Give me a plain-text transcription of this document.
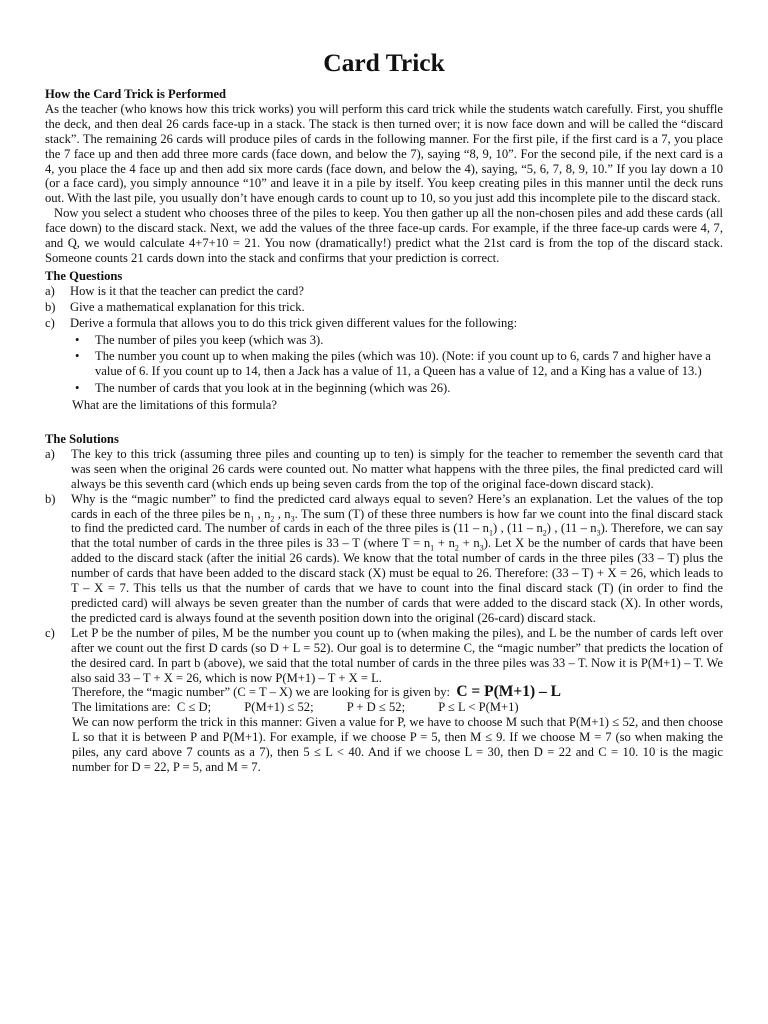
Card Trick
How the Card Trick is Performed

As the teacher (who knows how this trick works) you will perform this card trick while the students watch carefully. First, you shuffle the deck, and then deal 26 cards face-up in a stack. The stack is then turned over; it is now face down and will be called the “discard stack”. The remaining 26 cards will produce piles of cards in the following manner. For the first pile, if the first card is a 7, you place the 7 face up and then add three more cards (face down, and below the 7), saying “8, 9, 10”. For the second pile, if the next card is a 4, you place the 4 face up and then add six more cards (face down, and below the 4), saying, “5, 6, 7, 8, 9, 10.” If you lay down a 10 (or a face card), you simply announce “10” and leave it in a pile by itself. You keep creating piles in this manner until the deck runs out. With the last pile, you usually don’t have enough cards to count up to 10, so you just add this incomplete pile to the discard stack.

Now you select a student who chooses three of the piles to keep. You then gather up all the non-chosen piles and add these cards (all face down) to the discard stack. Next, we add the values of the three face-up cards. For example, if the three face-up cards were 4, 7, and Q, we would calculate 4+7+10 = 21. You now (dramatically!) predict what the 21st card is from the top of the discard stack. Someone counts 21 cards down into the stack and confirms that your prediction is correct.

The Questions
a)	How is it that the teacher can predict the card?
b)	Give a mathematical explanation for this trick.
c)	Derive a formula that allows you to do this trick given different values for the following:
• The number of piles you keep (which was 3).
• The number you count up to when making the piles (which was 10). (Note: if you count up to 6, cards 7 and higher have a value of 6. If you count up to 14, then a Jack has a value of 11, a Queen has a value of 12, and a King has a value of 13.)
• The number of cards that you look at in the beginning (which was 26).
What are the limitations of this formula?
The Solutions
a)	The key to this trick (assuming three piles and counting up to ten) is simply for the teacher to remember the seventh card that was seen when the original 26 cards were counted out. No matter what happens with the three piles, the final predicted card will always be this seventh card (which ends up being seven cards from the top of the original face-down discard stack).
b)	Why is the “magic number” to find the predicted card always equal to seven? Here’s an explanation. Let the values of the top cards in each of the three piles be $n_1$ , $n_2$ , $n_3$. The sum (T) of these three numbers is how far we count into the final discard stack to find the predicted card. The number of cards in each of the three piles is $(11 - n_1)$ , $(11 - n_2)$ , $(11 - n_3)$. Therefore, we can say that the total number of cards in the three piles is 33 – T (where $T = n_1 + n_2 + n_3$). Let X be the number of cards that have been added to the discard stack (after the initial 26 cards). We know that the total number of cards in the three piles (33 – T) plus the number of cards that have been added to the discard stack (X) must be equal to 26. Therefore: (33 – T) + X = 26, which leads to T – X = 7. This tells us that the number of cards that we have to count into the final discard stack (T) (in order to find the predicted card) will always be seven greater than the number of cards that were added to the discard stack (X). In other words, the predicted card is always found at the seventh position down into the original (26-card) discard stack.
c)	Let P be the number of piles, M be the number you count up to (when making the piles), and L be the number of cards left over after we count out the first D cards (so D + L = 52). Our goal is to determine C, the “magic number” that predicts the location of the desired card. In part b (above), we said that the total number of cards in the three piles was 33 – T. Now it is P(M+1) – T. We also said 33 – T + X = 26, which is now P(M+1) – T + X = L.
Therefore, the “magic number” (C = T – X) we are looking for is given by: C = P(M+1) – L
The limitations are: C ≤ D;	P(M+1) ≤ 52;	P + D ≤ 52;	P ≤ L < P(M+1)
We can now perform the trick in this manner: Given a value for P, we have to choose M such that P(M+1) ≤ 52, and then choose L so that it is between P and P(M+1). For example, if we choose P = 5, then M ≤ 9. If we choose M = 7 (so when making the piles, any card above 7 counts as a 7), then 5 ≤ L < 40. And if we choose L = 30, then D = 22 and C = 10. 10 is the magic number for D = 22, P = 5, and M = 7.
